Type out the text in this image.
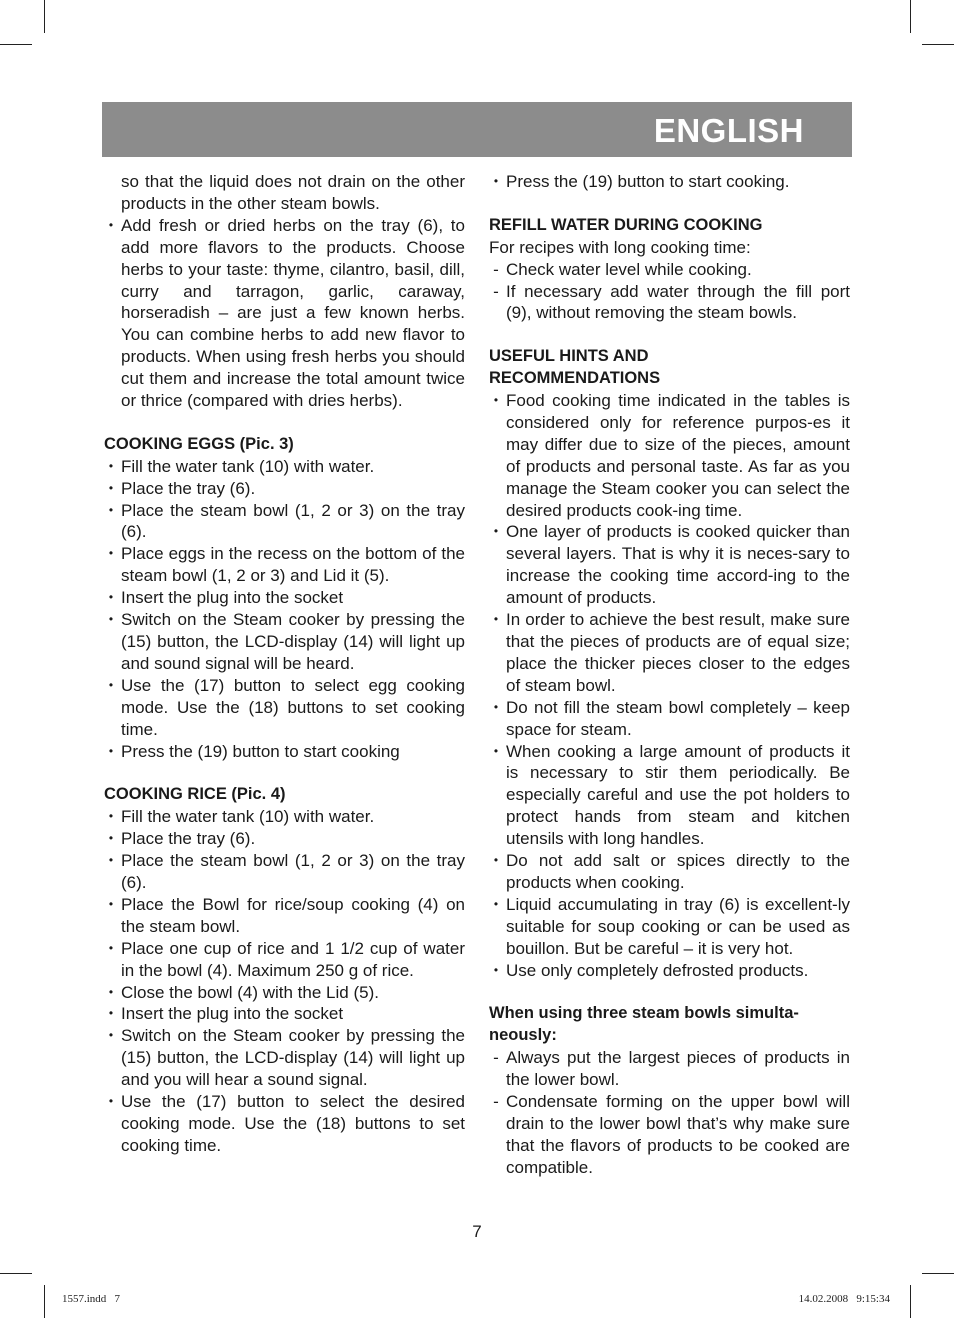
ENGLISH

so that the liquid does not drain on the other products in the other steam bowls.

• Add fresh or dried herbs on the tray (6), to add more flavors to the products. Choose herbs to your taste: thyme, cilantro, basil, dill, curry and tarragon, garlic, caraway, horseradish – are just a few known herbs. You can combine herbs to add new flavor to products. When using fresh herbs you should cut them and increase the total amount twice or thrice (compared with dries herbs).
COOKING EGGS (Pic. 3)
• Fill the water tank (10) with water.
• Place the tray (6).
• Place the steam bowl (1, 2 or 3) on the tray (6).
• Place eggs in the recess on the bottom of the steam bowl (1, 2 or 3) and Lid it (5).
• Insert the plug into the socket
• Switch on the Steam cooker by pressing the (15) button, the LCD-display (14) will light up and sound signal will be heard.
• Use the (17) button to select egg cooking mode. Use the (18) buttons to set cooking time.
• Press the (19) button to start cooking
COOKING RICE (Pic. 4)
• Fill the water tank (10) with water.
• Place the tray (6).
• Place the steam bowl (1, 2 or 3) on the tray (6).
• Place the Bowl for rice/soup cooking (4) on the steam bowl.
• Place one cup of rice and 1 1/2 cup of water in the bowl (4). Maximum 250 g of rice.
• Close the bowl (4) with the Lid (5).
• Insert the plug into the socket
• Switch on the Steam cooker by pressing the (15) button, the LCD-display (14) will light up and you will hear a sound signal.
• Use the (17) button to select the desired cooking mode. Use the (18) buttons to set cooking time.
• Press the (19) button to start cooking.
REFILL WATER DURING COOKING

For recipes with long cooking time:

- Check water level while cooking.
- If necessary add water through the fill port (9), without removing the steam bowls.
USEFUL HINTS AND
RECOMMENDATIONS
• Food cooking time indicated in the tables is considered only for reference purpos-es it may differ due to size of the pieces, amount of products and personal taste. As far as you manage the Steam cooker you can select the desired products cook-ing time.
• One layer of products is cooked quicker than several layers. That is why it is neces-sary to increase the cooking time accord-ing to the amount of products.
• In order to achieve the best result, make sure that the pieces of products are of equal size; place the thicker pieces closer to the edges of steam bowl.
• Do not fill the steam bowl completely – keep space for steam.
• When cooking a large amount of products it is necessary to stir them periodically. Be especially careful and use the pot holders to protect hands from steam and kitchen utensils with long handles.
• Do not add salt or spices directly to the products when cooking.
• Liquid accumulating in tray (6) is excellent-ly suitable for soup cooking or can be used as bouillon. But be careful – it is very hot.
• Use only completely defrosted products.
When using three steam bowls simulta-neously:
- Always put the largest pieces of products in the lower bowl.
- Condensate forming on the upper bowl will drain to the lower bowl that’s why make sure that the flavors of products to be cooked are compatible.
7
1557.indd   7	14.02.2008   9:15:34
